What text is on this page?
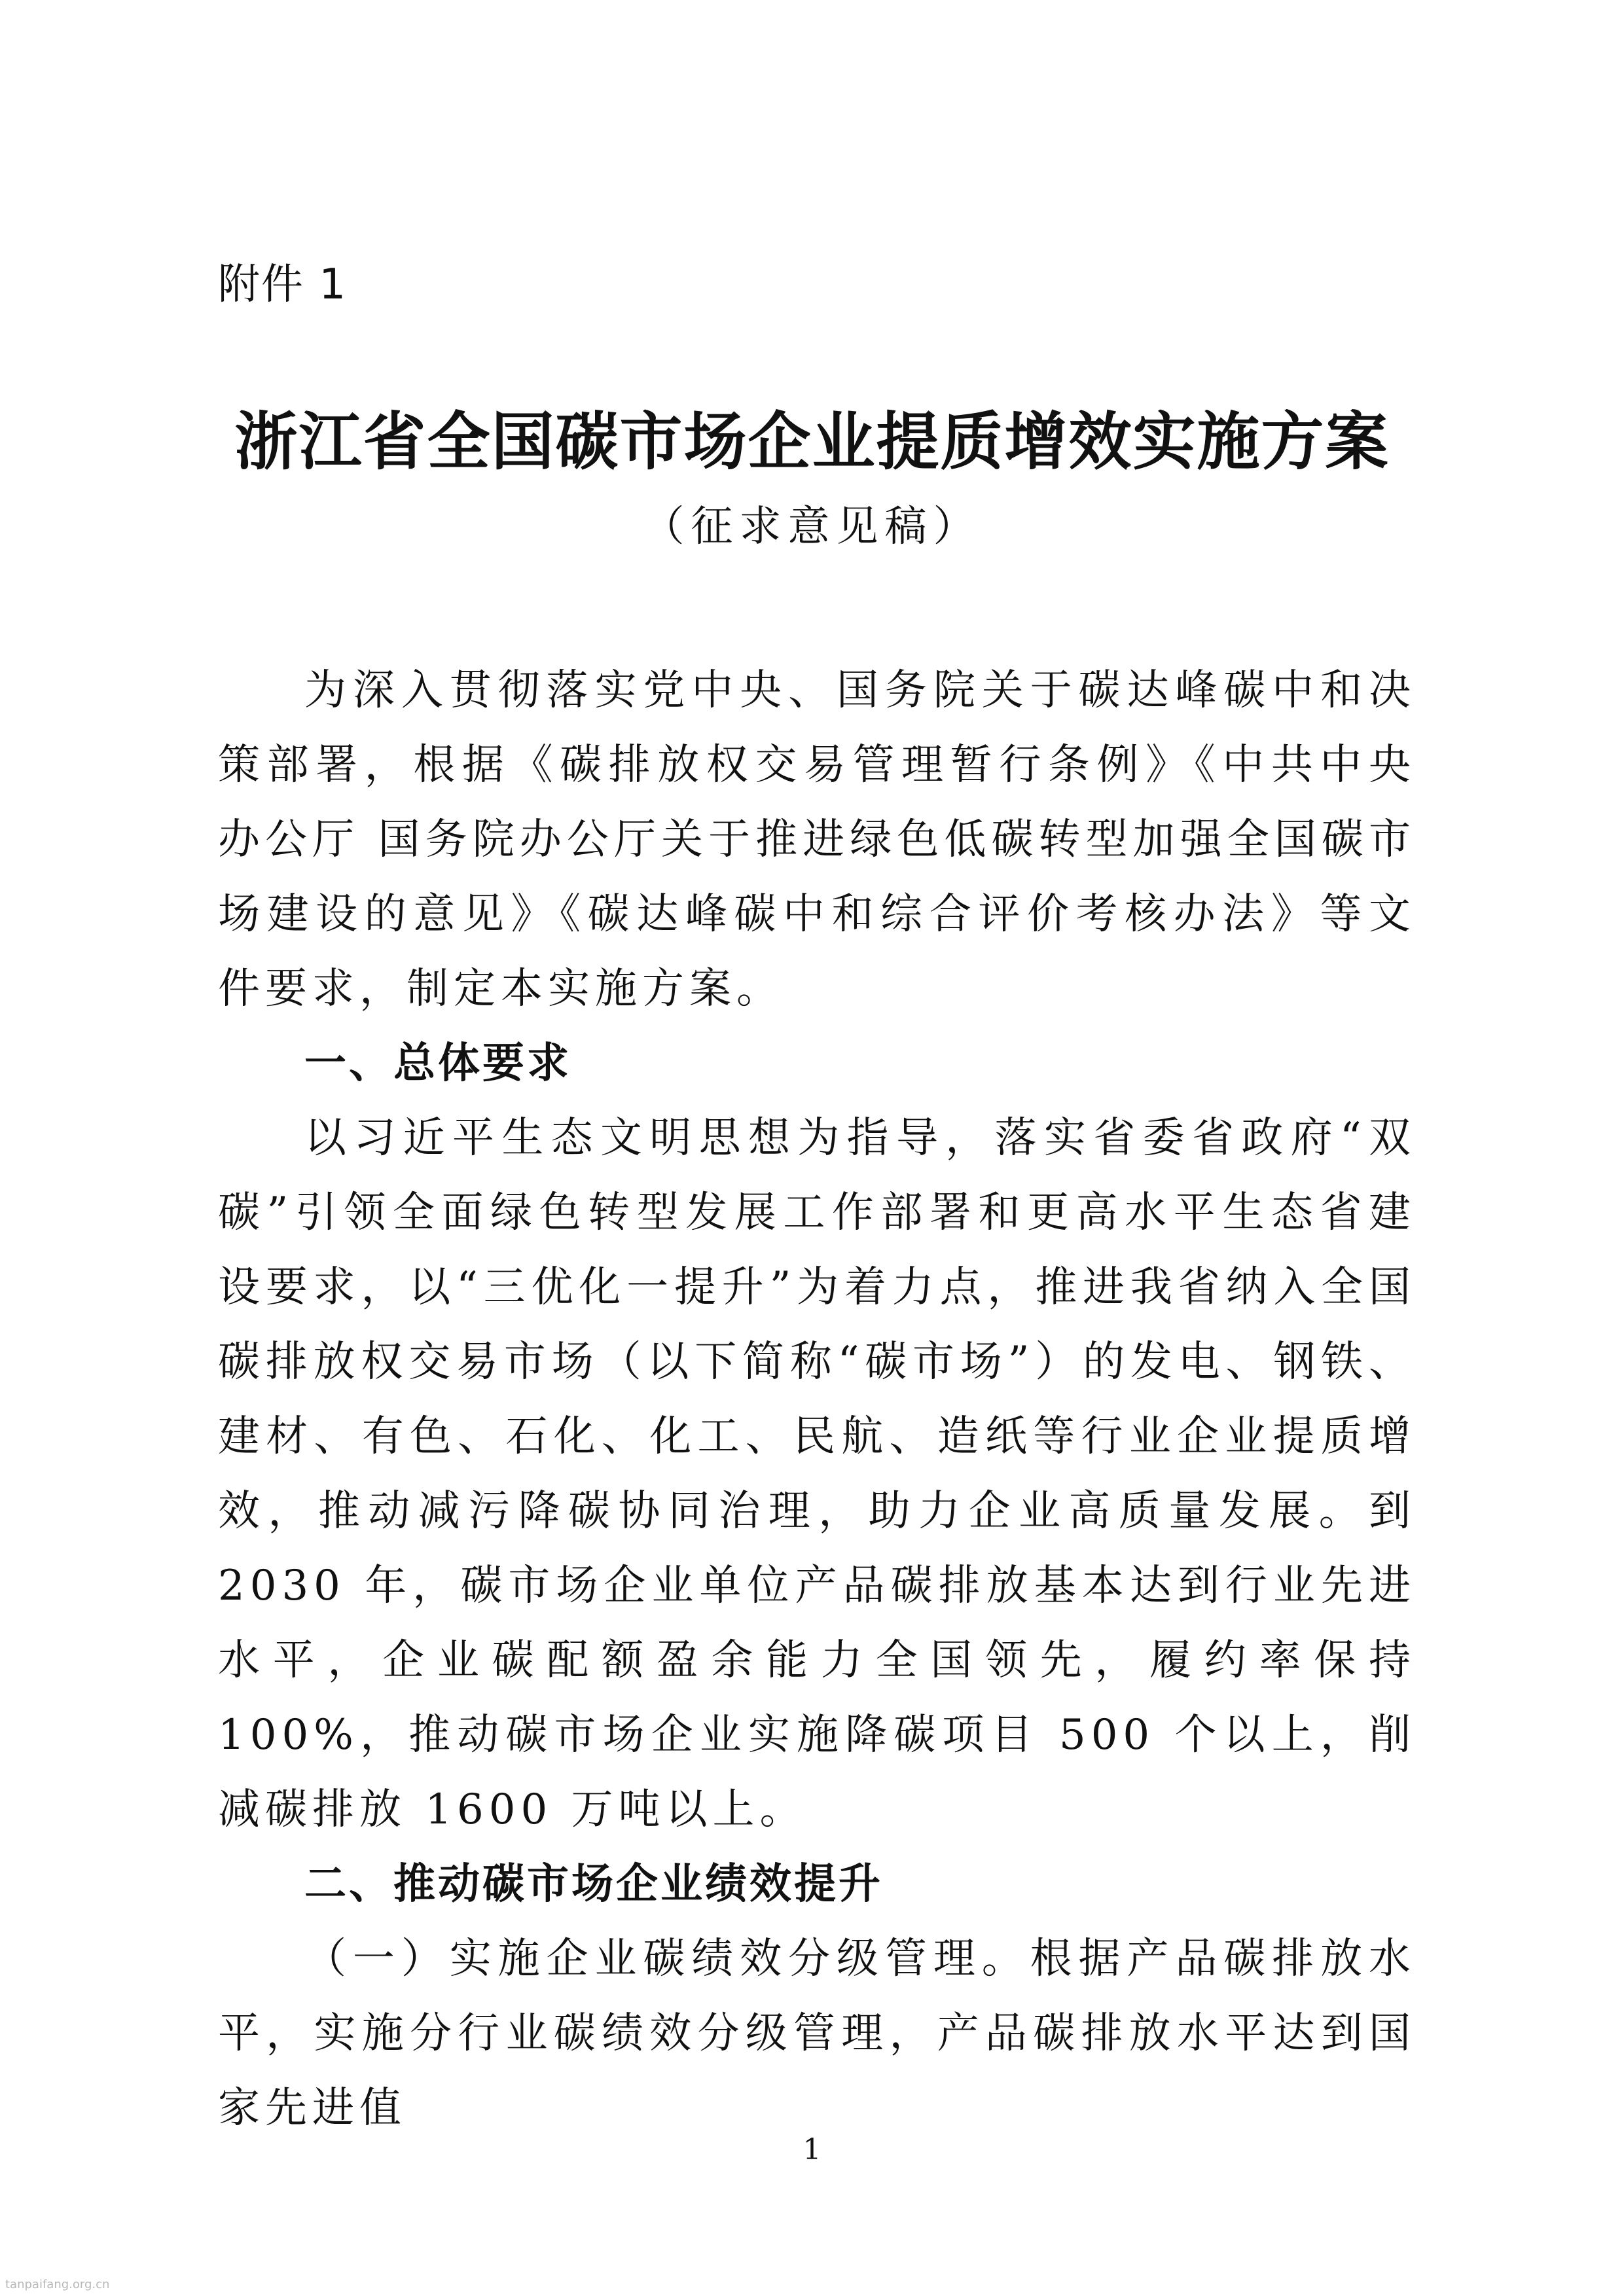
附件 1
浙江省全国碳市场企业提质增效实施方案
（征求意见稿）

为深入贯彻落实党中央、国务院关于碳达峰碳中和决策部署，根据《碳排放权交易管理暂行条例》《中共中央办公厅 国务院办公厅关于推进绿色低碳转型加强全国碳市场建设的意见》《碳达峰碳中和综合评价考核办法》等文件要求，制定本实施方案。

一、总体要求

以习近平生态文明思想为指导，落实省委省政府“双碳”引领全面绿色转型发展工作部署和更高水平生态省建设要求，以“三优化一提升”为着力点，推进我省纳入全国碳排放权交易市场（以下简称“碳市场”）的发电、钢铁、建材、有色、石化、化工、民航、造纸等行业企业提质增效，推动减污降碳协同治理，助力企业高质量发展。到 2030 年，碳市场企业单位产品碳排放基本达到行业先进水平，企业碳配额盈余能力全国领先，履约率保持 100%，推动碳市场企业实施降碳项目 500 个以上，削减碳排放 1600 万吨以上。

二、推动碳市场企业绩效提升

（一）实施企业碳绩效分级管理。根据产品碳排放水平，实施分行业碳绩效分级管理，产品碳排放水平达到国家先进值

1
tanpaifang.org.cn
